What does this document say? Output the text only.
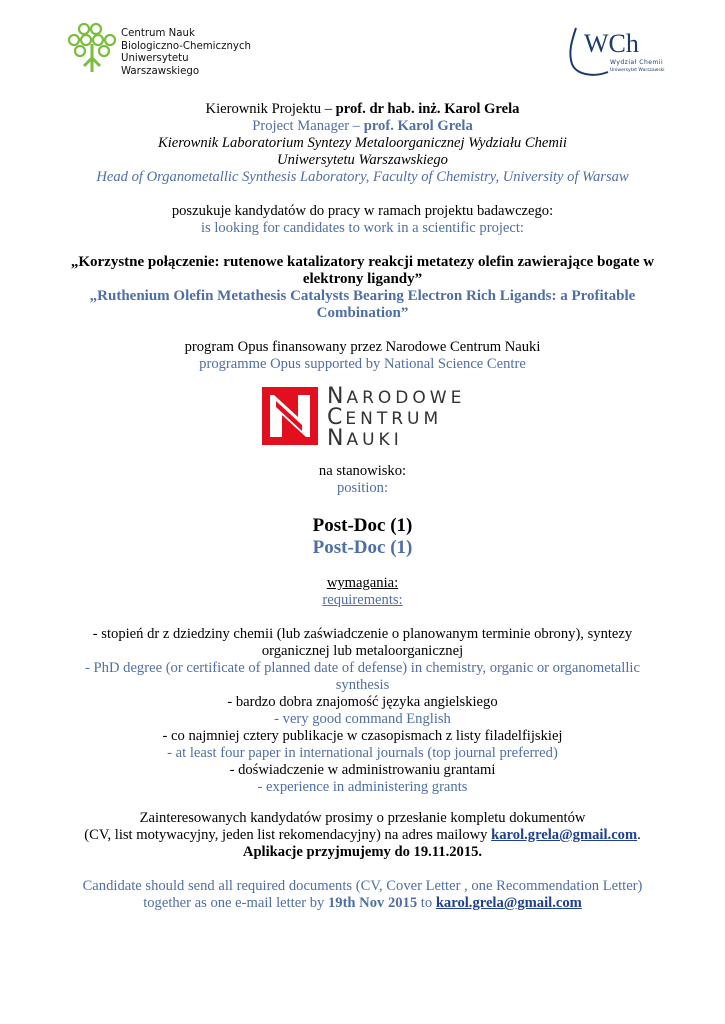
Centrum Nauk
Biologiczno-Chemicznych
Uniwersytetu Warszawskiego
WCh
Wydział Chemii
Uniwersytet Warszawski
Kierownik Projektu – prof. dr hab. inż. Karol Grela
Project Manager – prof. Karol Grela
Kierownik Laboratorium Syntezy Metaloorganicznej Wydziału Chemii
Uniwersytetu Warszawskiego
Head of Organometallic Synthesis Laboratory, Faculty of Chemistry, University of Warsaw
poszukuje kandydatów do pracy w ramach projektu badawczego:
is looking for candidates to work in a scientific project:
„Korzystne połączenie: rutenowe katalizatory reakcji metatezy olefin zawierające bogate w
elektrony ligandy”
„Ruthenium Olefin Metathesis Catalysts Bearing Electron Rich Ligands: a Profitable
Combination”
program Opus finansowany przez Narodowe Centrum Nauki
programme Opus supported by National Science Centre
NARODOWE
CENTRUM
NAUKI
na stanowisko:
position:
Post-Doc (1)
Post-Doc (1)
wymagania:
requirements:
- stopień dr z dziedziny chemii (lub zaświadczenie o planowanym terminie obrony), syntezy
organicznej lub metaloorganicznej
- PhD degree (or certificate of planned date of defense) in chemistry, organic or organometallic
synthesis
- bardzo dobra znajomość języka angielskiego
- very good command English
- co najmniej cztery publikacje w czasopismach z listy filadelfijskiej
- at least four paper in international journals (top journal preferred)
- doświadczenie w administrowaniu grantami
- experience in administering grants
Zainteresowanych kandydatów prosimy o przesłanie kompletu dokumentów
(CV, list motywacyjny, jeden list rekomendacyjny) na adres mailowy karol.grela@gmail.com.
Aplikacje przyjmujemy do 19.11.2015.
Candidate should send all required documents (CV, Cover Letter , one Recommendation Letter)
together as one e-mail letter by 19th Nov 2015 to karol.grela@gmail.com
